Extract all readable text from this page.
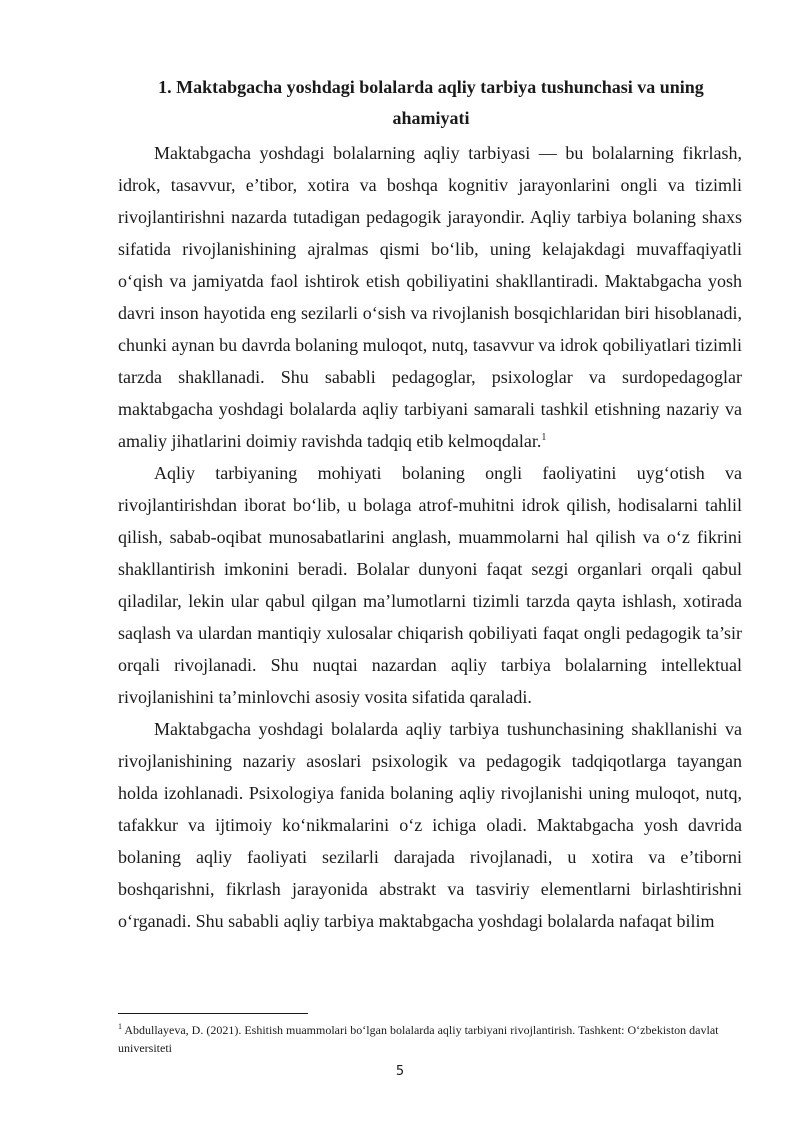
1. Maktabgacha yoshdagi bolalarda aqliy tarbiya tushunchasi va uning ahamiyati

Maktabgacha yoshdagi bolalarning aqliy tarbiyasi — bu bolalarning fikrlash, idrok, tasavvur, e’tibor, xotira va boshqa kognitiv jarayonlarini ongli va tizimli rivojlantirishni nazarda tutadigan pedagogik jarayondir. Aqliy tarbiya bolaning shaxs sifatida rivojlanishining ajralmas qismi bo‘lib, uning kelajakdagi muvaffaqiyatli o‘qish va jamiyatda faol ishtirok etish qobiliyatini shakllantiradi. Maktabgacha yosh davri inson hayotida eng sezilarli o‘sish va rivojlanish bosqichlaridan biri hisoblanadi, chunki aynan bu davrda bolaning muloqot, nutq, tasavvur va idrok qobiliyatlari tizimli tarzda shakllanadi. Shu sababli pedagoglar, psixologlar va surdopedagoglar maktabgacha yoshdagi bolalarda aqliy tarbiyani samarali tashkil etishning nazariy va amaliy jihatlarini doimiy ravishda tadqiq etib kelmoqdalar.$^1$

Aqliy tarbiyaning mohiyati bolaning ongli faoliyatini uyg‘otish va rivojlantirishdan iborat bo‘lib, u bolaga atrof-muhitni idrok qilish, hodisalarni tahlil qilish, sabab-oqibat munosabatlarini anglash, muammolarni hal qilish va o‘z fikrini shakllantirish imkonini beradi. Bolalar dunyoni faqat sezgi organlari orqali qabul qiladilar, lekin ular qabul qilgan ma’lumotlarni tizimli tarzda qayta ishlash, xotirada saqlash va ulardan mantiqiy xulosalar chiqarish qobiliyati faqat ongli pedagogik ta’sir orqali rivojlanadi. Shu nuqtai nazardan aqliy tarbiya bolalarning intellektual rivojlanishini ta’minlovchi asosiy vosita sifatida qaraladi.

Maktabgacha yoshdagi bolalarda aqliy tarbiya tushunchasining shakllanishi va rivojlanishining nazariy asoslari psixologik va pedagogik tadqiqotlarga tayangan holda izohlanadi. Psixologiya fanida bolaning aqliy rivojlanishi uning muloqot, nutq, tafakkur va ijtimoiy ko‘nikmalarini o‘z ichiga oladi. Maktabgacha yosh davrida bolaning aqliy faoliyati sezilarli darajada rivojlanadi, u xotira va e’tiborni boshqarishni, fikrlash jarayonida abstrakt va tasviriy elementlarni birlashtirishni o‘rganadi. Shu sababli aqliy tarbiya maktabgacha yoshdagi bolalarda nafaqat bilim

$^1$ Abdullayeva, D. (2021). Eshitish muammolari bo‘lgan bolalarda aqliy tarbiyani rivojlantirish. Tashkent: O‘zbekiston davlat universiteti

5
